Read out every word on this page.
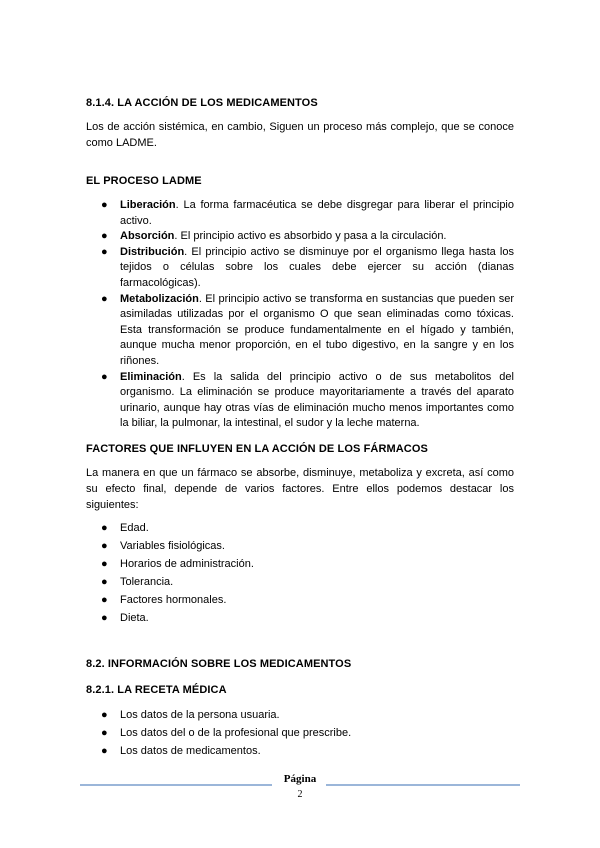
8.1.4. LA ACCIÓN DE LOS MEDICAMENTOS
Los de acción sistémica, en cambio, Siguen un proceso más complejo, que se conoce como LADME.
EL PROCESO LADME
● Liberación. La forma farmacéutica se debe disgregar para liberar el principio activo.
● Absorción. El principio activo es absorbido y pasa a la circulación.
● Distribución. El principio activo se disminuye por el organismo llega hasta los tejidos o células sobre los cuales debe ejercer su acción (dianas farmacológicas).
● Metabolización. El principio activo se transforma en sustancias que pueden ser asimiladas utilizadas por el organismo O que sean eliminadas como tóxicas. Esta transformación se produce fundamentalmente en el hígado y también, aunque mucha menor proporción, en el tubo digestivo, en la sangre y en los riñones.
● Eliminación. Es la salida del principio activo o de sus metabolitos del organismo. La eliminación se produce mayoritariamente a través del aparato urinario, aunque hay otras vías de eliminación mucho menos importantes como la biliar, la pulmonar, la intestinal, el sudor y la leche materna.
FACTORES QUE INFLUYEN EN LA ACCIÓN DE LOS FÁRMACOS
La manera en que un fármaco se absorbe, disminuye, metaboliza y excreta, así como su efecto final, depende de varios factores. Entre ellos podemos destacar los siguientes:
● Edad.
● Variables fisiológicas.
● Horarios de administración.
● Tolerancia.
● Factores hormonales.
● Dieta.
8.2. INFORMACIÓN SOBRE LOS MEDICAMENTOS
8.2.1. LA RECETA MÉDICA
● Los datos de la persona usuaria.
● Los datos del o de la profesional que prescribe.
● Los datos de medicamentos.
Página
2
